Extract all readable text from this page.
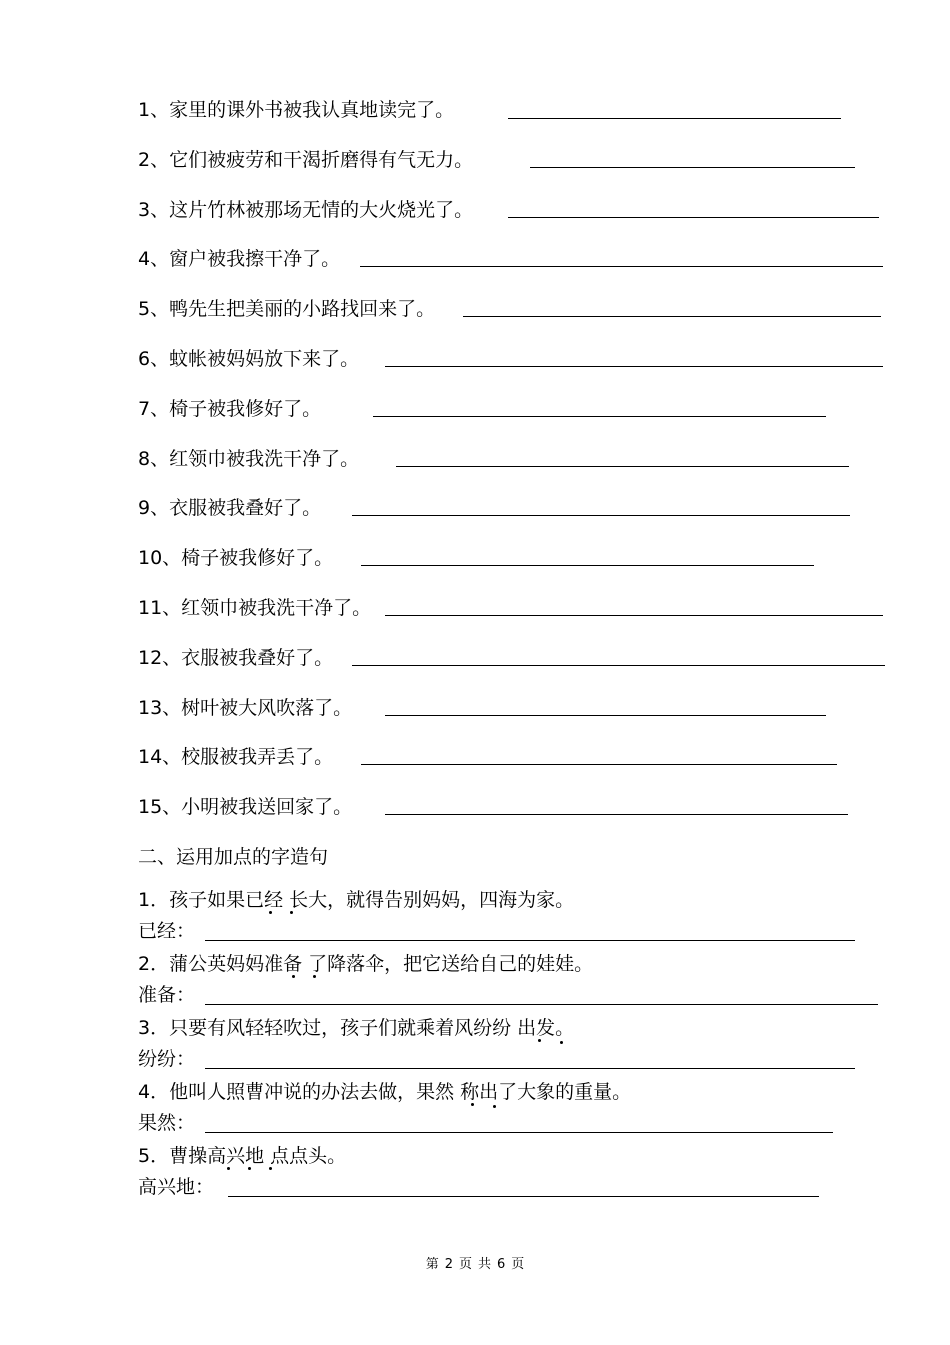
1、家里的课外书被我认真地读完了。
2、它们被疲劳和干渴折磨得有气无力。
3、这片竹林被那场无情的大火烧光了。
4、窗户被我擦干净了。
5、鸭先生把美丽的小路找回来了。
6、蚊帐被妈妈放下来了。
7、椅子被我修好了。
8、红领巾被我洗干净了。
9、衣服被我叠好了。
10、椅子被我修好了。
11、红领巾被我洗干净了。
12、衣服被我叠好了。
13、树叶被大风吹落了。
14、校服被我弄丢了。
15、小明被我送回家了。
二、运用加点的字造句
1．孩子如果已经 长大，就得告别妈妈，四海为家。
已经：
2．蒲公英妈妈准备 了降落伞，把它送给自己的娃娃。
准备：
3．只要有风轻轻吹过，孩子们就乘着风纷纷 出发。
纷纷：
4．他叫人照曹冲说的办法去做，果然 称出了大象的重量。
果然：
5．曹操高兴地 点点头。
高兴地：
第 2 页 共 6 页
